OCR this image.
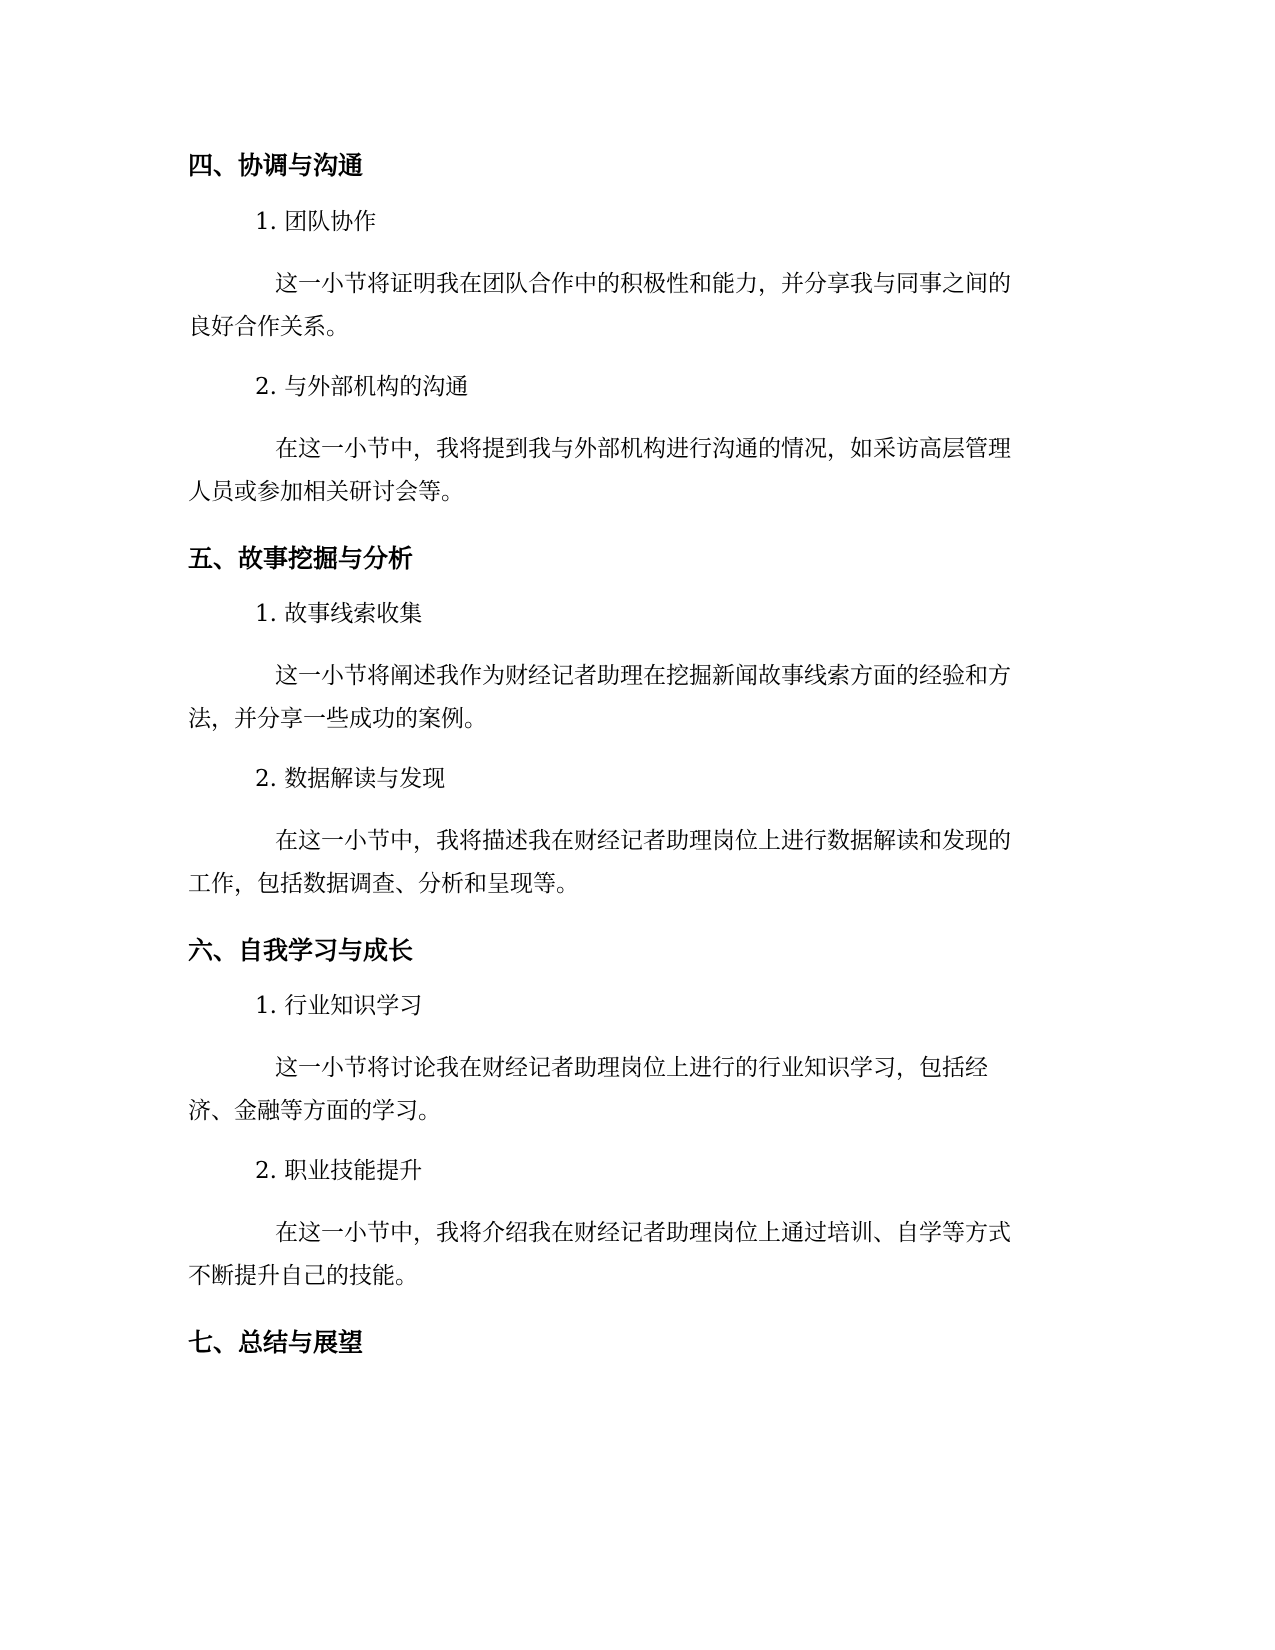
四、协调与沟通
1. 团队协作

这一小节将证明我在团队合作中的积极性和能力，并分享我与同事之间的
良好合作关系。

2. 与外部机构的沟通

在这一小节中，我将提到我与外部机构进行沟通的情况，如采访高层管理
人员或参加相关研讨会等。

五、故事挖掘与分析
1. 故事线索收集

这一小节将阐述我作为财经记者助理在挖掘新闻故事线索方面的经验和方
法，并分享一些成功的案例。

2. 数据解读与发现

在这一小节中，我将描述我在财经记者助理岗位上进行数据解读和发现的
工作，包括数据调查、分析和呈现等。

六、自我学习与成长
1. 行业知识学习

这一小节将讨论我在财经记者助理岗位上进行的行业知识学习，包括经
济、金融等方面的学习。

2. 职业技能提升

在这一小节中，我将介绍我在财经记者助理岗位上通过培训、自学等方式
不断提升自己的技能。

七、总结与展望
